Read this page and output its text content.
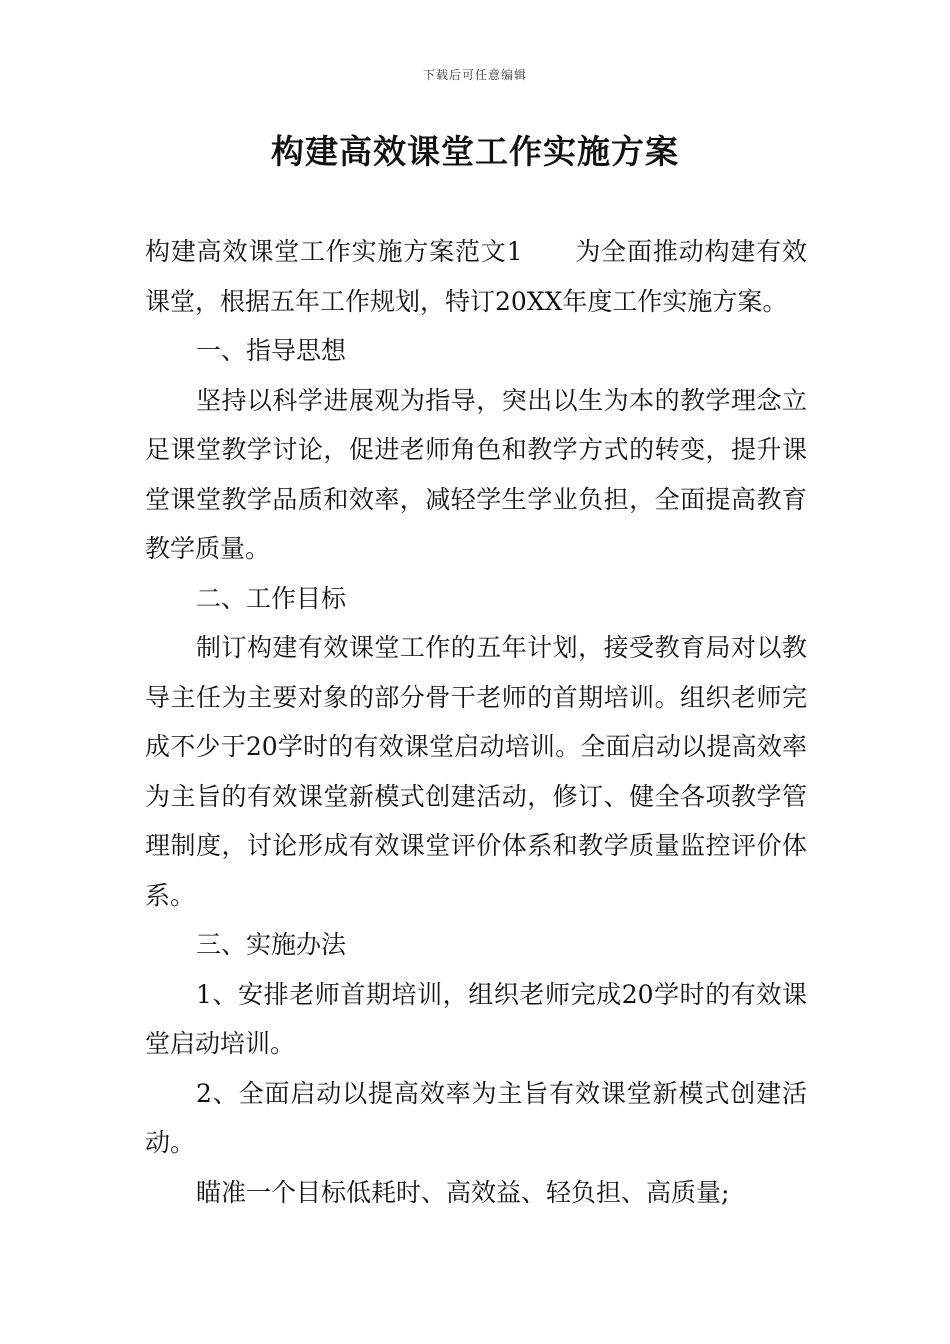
下载后可任意编辑
构建高效课堂工作实施方案

构建高效课堂工作实施方案范文1 为全面推动构建有效课堂，根据五年工作规划，特订20XX年度工作实施方案。

一、指导思想

坚持以科学进展观为指导，突出以生为本的教学理念立足课堂教学讨论，促进老师角色和教学方式的转变，提升课堂课堂教学品质和效率，减轻学生学业负担，全面提高教育教学质量。

二、工作目标

制订构建有效课堂工作的五年计划，接受教育局对以教导主任为主要对象的部分骨干老师的首期培训。组织老师完成不少于20学时的有效课堂启动培训。全面启动以提高效率为主旨的有效课堂新模式创建活动，修订、健全各项教学管理制度，讨论形成有效课堂评价体系和教学质量监控评价体系。

三、实施办法

1、安排老师首期培训，组织老师完成20学时的有效课堂启动培训。

2、全面启动以提高效率为主旨有效课堂新模式创建活动。

瞄准一个目标低耗时、高效益、轻负担、高质量;
